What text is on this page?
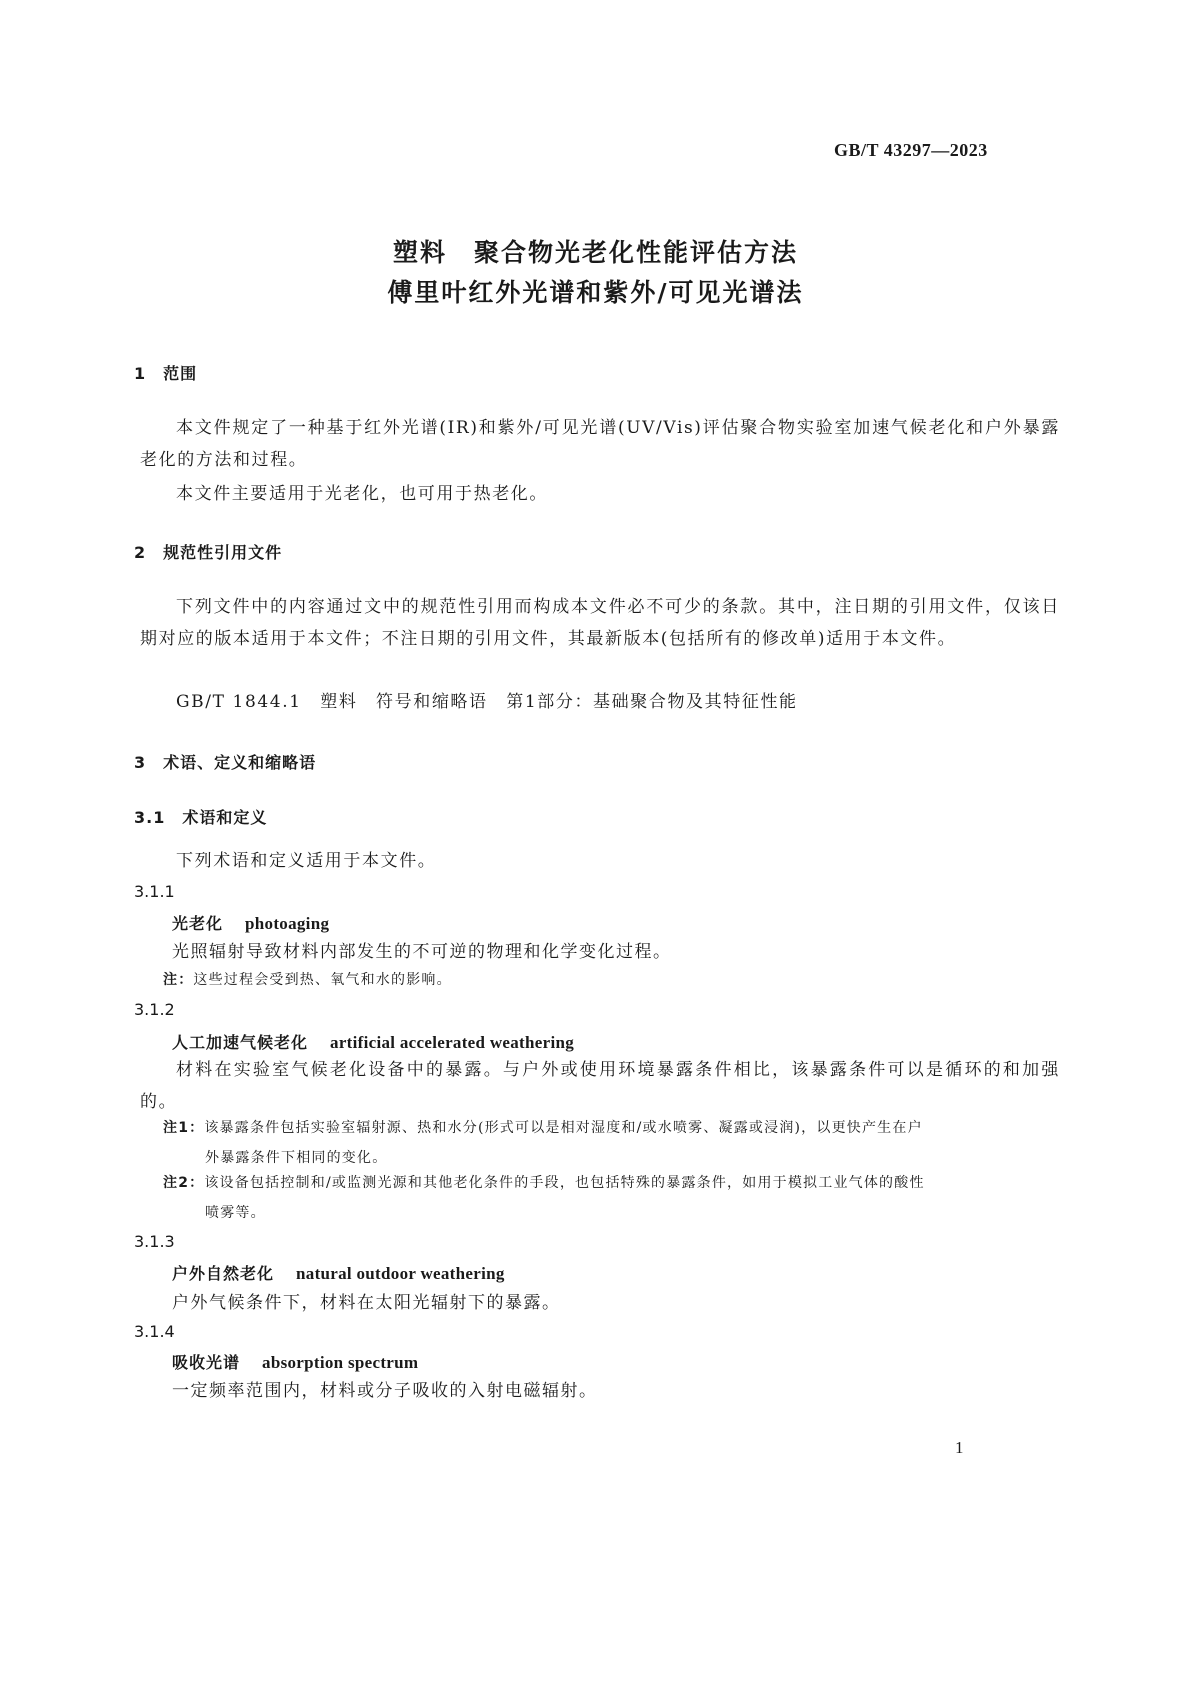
GB/T 43297—2023
塑料　聚合物光老化性能评估方法
傅里叶红外光谱和紫外/可见光谱法
1　范围
本文件规定了一种基于红外光谱(IR)和紫外/可见光谱(UV/Vis)评估聚合物实验室加速气候老化和户外暴露老化的方法和过程。
本文件主要适用于光老化，也可用于热老化。
2　规范性引用文件
下列文件中的内容通过文中的规范性引用而构成本文件必不可少的条款。其中，注日期的引用文件，仅该日期对应的版本适用于本文件；不注日期的引用文件，其最新版本(包括所有的修改单)适用于本文件。
GB/T 1844.1　塑料　符号和缩略语　第1部分：基础聚合物及其特征性能
3　术语、定义和缩略语
3.1　术语和定义
下列术语和定义适用于本文件。
3.1.1
光老化 photoaging
光照辐射导致材料内部发生的不可逆的物理和化学变化过程。
注：这些过程会受到热、氧气和水的影响。
3.1.2
人工加速气候老化 artificial accelerated weathering
材料在实验室气候老化设备中的暴露。与户外或使用环境暴露条件相比，该暴露条件可以是循环的和加强的。
注1：该暴露条件包括实验室辐射源、热和水分(形式可以是相对湿度和/或水喷雾、凝露或浸润)，以更快产生在户
外暴露条件下相同的变化。
注2：该设备包括控制和/或监测光源和其他老化条件的手段，也包括特殊的暴露条件，如用于模拟工业气体的酸性
喷雾等。
3.1.3
户外自然老化 natural outdoor weathering
户外气候条件下，材料在太阳光辐射下的暴露。
3.1.4
吸收光谱 absorption spectrum
一定频率范围内，材料或分子吸收的入射电磁辐射。
1
